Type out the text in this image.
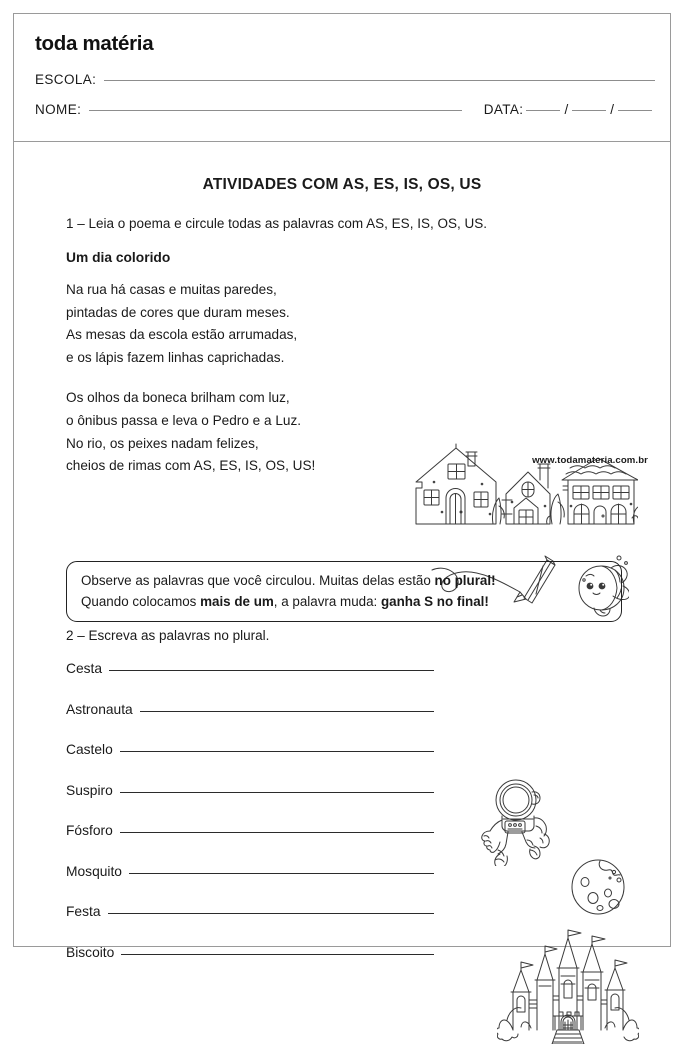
toda matéria
ESCOLA:
NOME:	DATA:	/	/
ATIVIDADES COM AS, ES, IS, OS, US
1 – Leia o poema e circule todas as palavras com AS, ES, IS, OS, US.
Um dia colorido
Na rua há casas e muitas paredes,
pintadas de cores que duram meses.
As mesas da escola estão arrumadas,
e os lápis fazem linhas caprichadas.
Os olhos da boneca brilham com luz,
o ônibus passa e leva o Pedro e a Luz.
No rio, os peixes nadam felizes,
cheios de rimas com AS, ES, IS, OS, US!
Observe as palavras que você circulou. Muitas delas estão no plural!
Quando colocamos mais de um, a palavra muda: ganha S no final!
2 – Escreva as palavras no plural.
Cesta
Astronauta
Castelo
Suspiro
Fósforo
Mosquito
Festa
Biscoito
www.todamateria.com.br
